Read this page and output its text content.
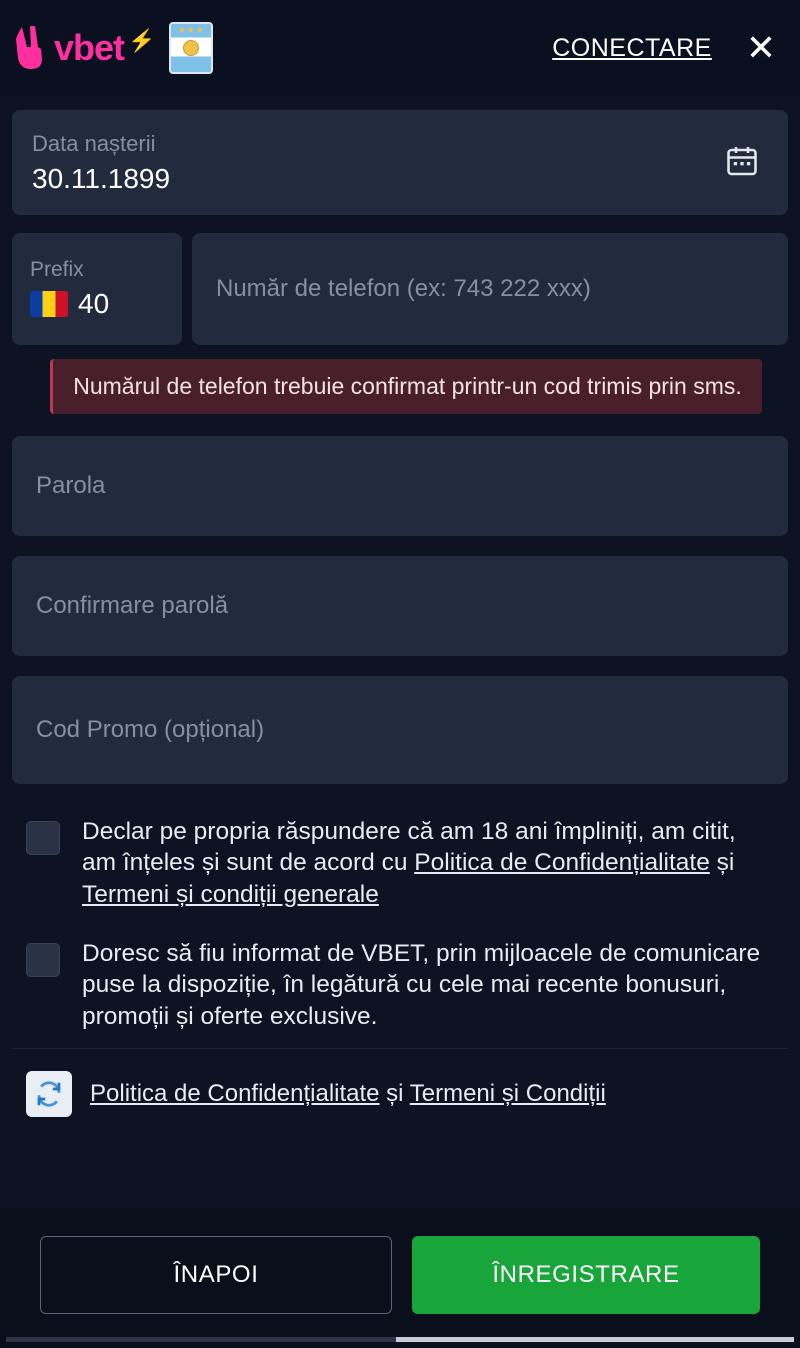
vbet ⚡	★★★
CONECTARE ✕
Data nașterii
30.11.1899
Prefix
40	Număr de telefon (ex: 743 222 xxx)
Numărul de telefon trebuie confirmat printr-un cod trimis prin sms.
Parola
Confirmare parolă
Cod Promo (opțional)
Declar pe propria răspundere că am 18 ani împliniți, am citit, am înțeles și sunt de acord cu Politica de Confidențialitate și Termeni și condiții generale
Doresc să fiu informat de VBET, prin mijloacele de comunicare puse la dispoziție, în legătură cu cele mai recente bonusuri, promoții și oferte exclusive.
Politica de Confidențialitate și Termeni și Condiții
ÎNAPOI	ÎNREGISTRARE
